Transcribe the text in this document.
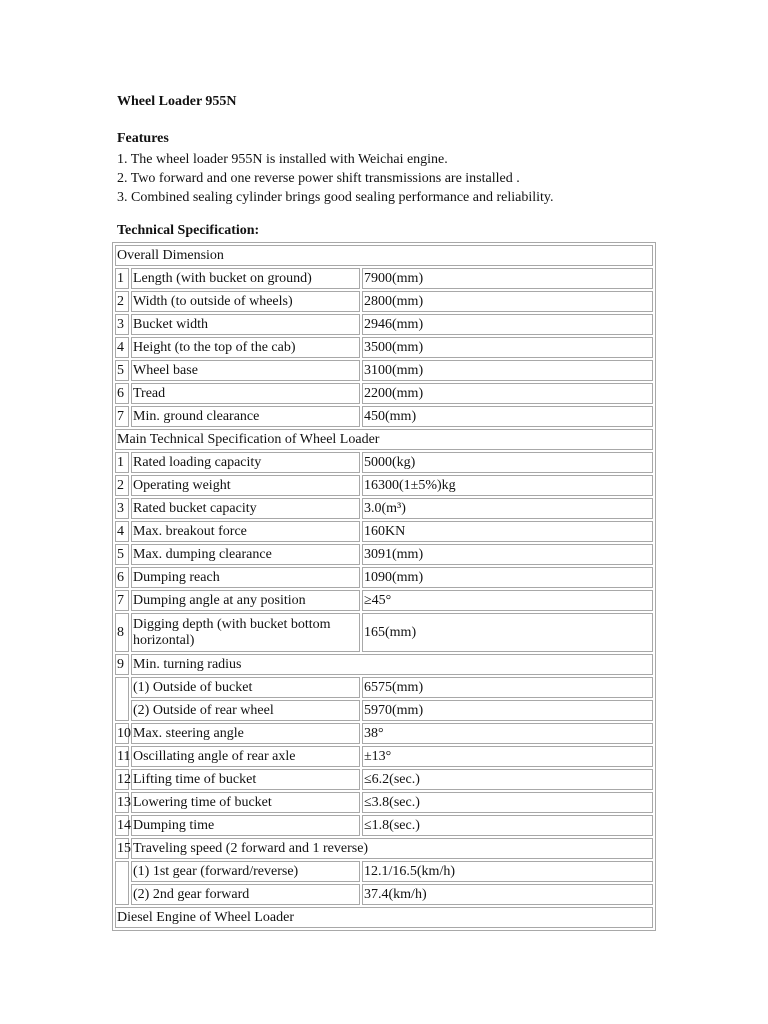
Wheel Loader 955N
Features
1. The wheel loader 955N is installed with Weichai engine.
2. Two forward and one reverse power shift transmissions are installed .
3. Combined sealing cylinder brings good sealing performance and reliability.
Technical Specification:
Overall Dimension		
1	Length (with bucket on ground)	7900(mm)
2	Width (to outside of wheels)	2800(mm)
3	Bucket width	2946(mm)
4	Height (to the top of the cab)	3500(mm)
5	Wheel base	3100(mm)
6	Tread	2200(mm)
7	Min. ground clearance	450(mm)
Main Technical Specification of Wheel Loader		
1	Rated loading capacity	5000(kg)
2	Operating weight	16300(1±5%)kg
3	Rated bucket capacity	3.0(m³)
4	Max. breakout force	160KN
5	Max. dumping clearance	3091(mm)
6	Dumping reach	1090(mm)
7	Dumping angle at any position	≥45°
8	Digging depth (with bucket bottom horizontal)	165(mm)
9	Min. turning radius	
	(1) Outside of bucket	6575(mm)
	(2) Outside of rear wheel	5970(mm)
10	Max. steering angle	38°
11	Oscillating angle of rear axle	±13°
12	Lifting time of bucket	≤6.2(sec.)
13	Lowering time of bucket	≤3.8(sec.)
14	Dumping time	≤1.8(sec.)
15	Traveling speed (2 forward and 1 reverse)	
	(1) 1st gear (forward/reverse)	12.1/16.5(km/h)
	(2) 2nd gear forward	37.4(km/h)
Diesel Engine of Wheel Loader		
